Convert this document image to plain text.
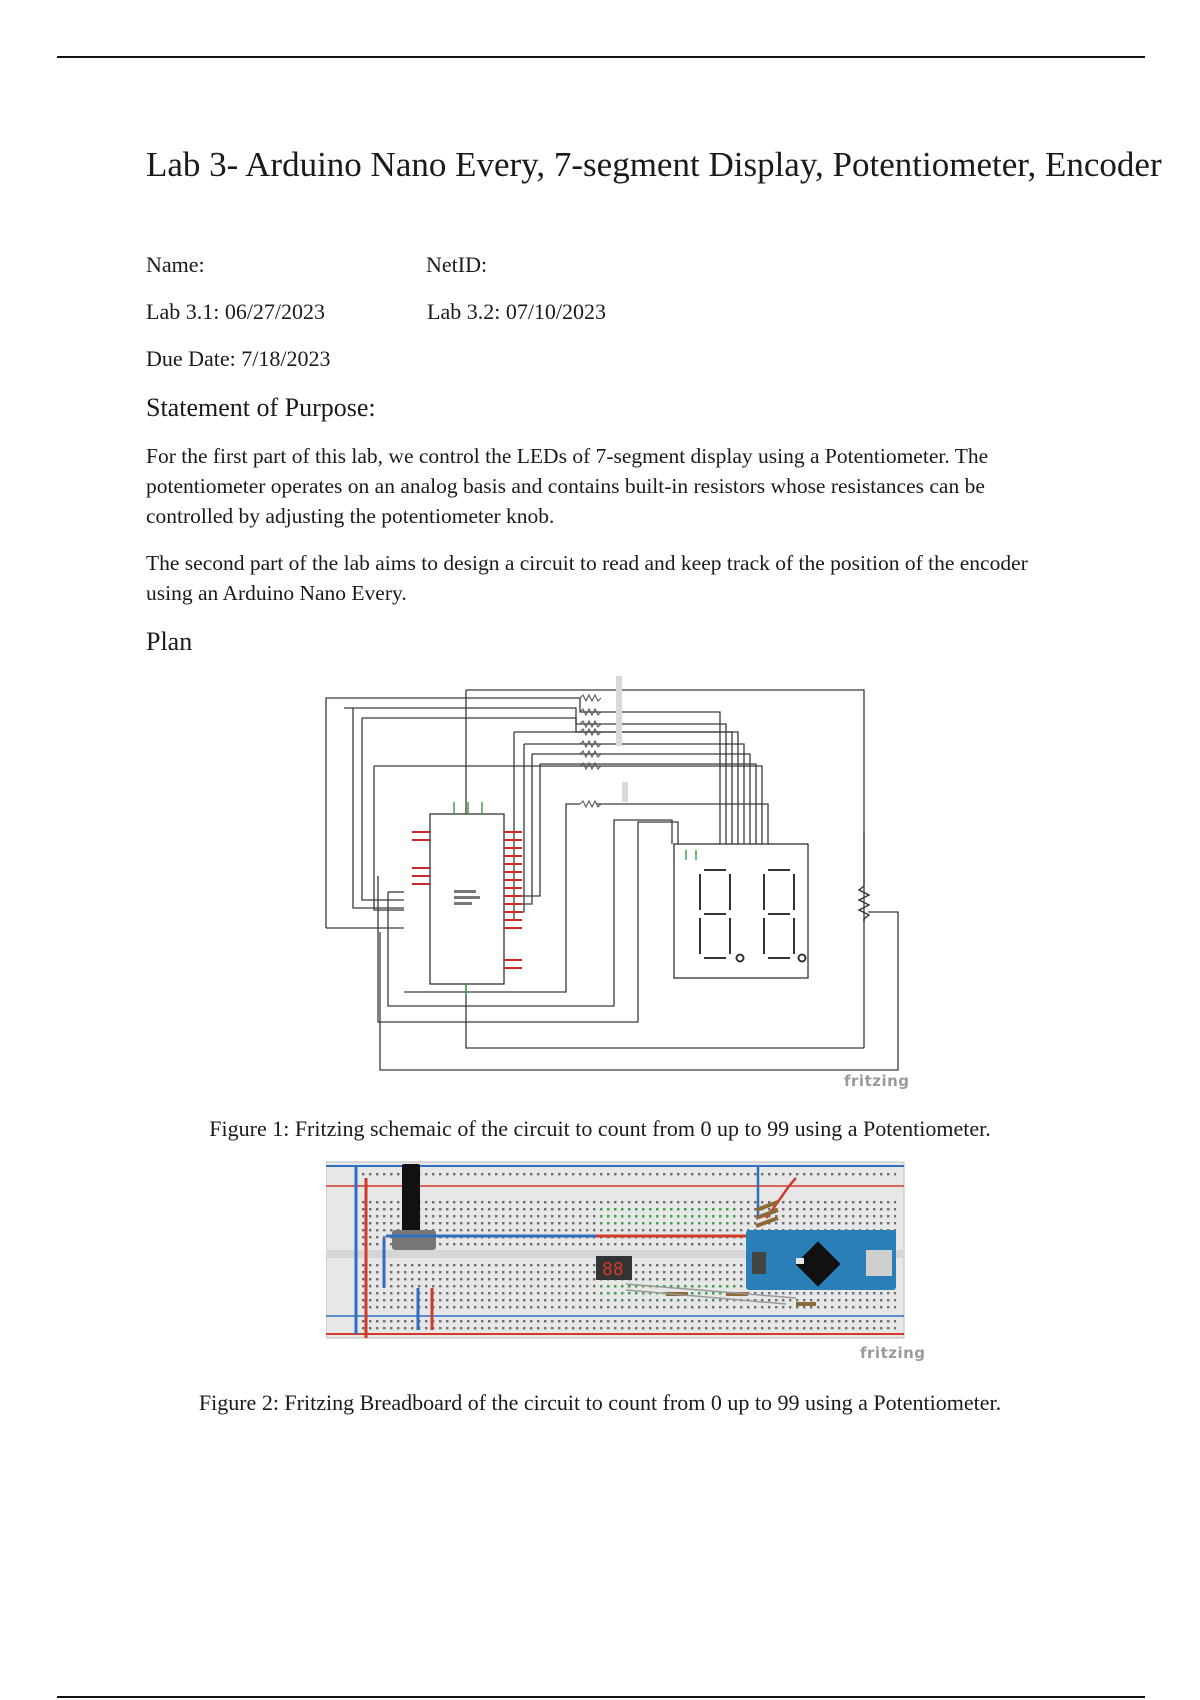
Lab 3- Arduino Nano Every, 7-segment Display, Potentiometer, Encoder
Name:	NetID:
Lab 3.1: 06/27/2023	Lab 3.2: 07/10/2023
Due Date: 7/18/2023
Statement of Purpose:

For the first part of this lab, we control the LEDs of 7-segment display using a Potentiometer. The potentiometer operates on an analog basis and contains built-in resistors whose resistances can be controlled by adjusting the potentiometer knob.

The second part of the lab aims to design a circuit to read and keep track of the position of the encoder using an Arduino Nano Every.

Plan
fritzing
Figure 1: Fritzing schemaic of the circuit to count from 0 up to 99 using a Potentiometer.
88
fritzing
Figure 2: Fritzing Breadboard of the circuit to count from 0 up to 99 using a Potentiometer.
